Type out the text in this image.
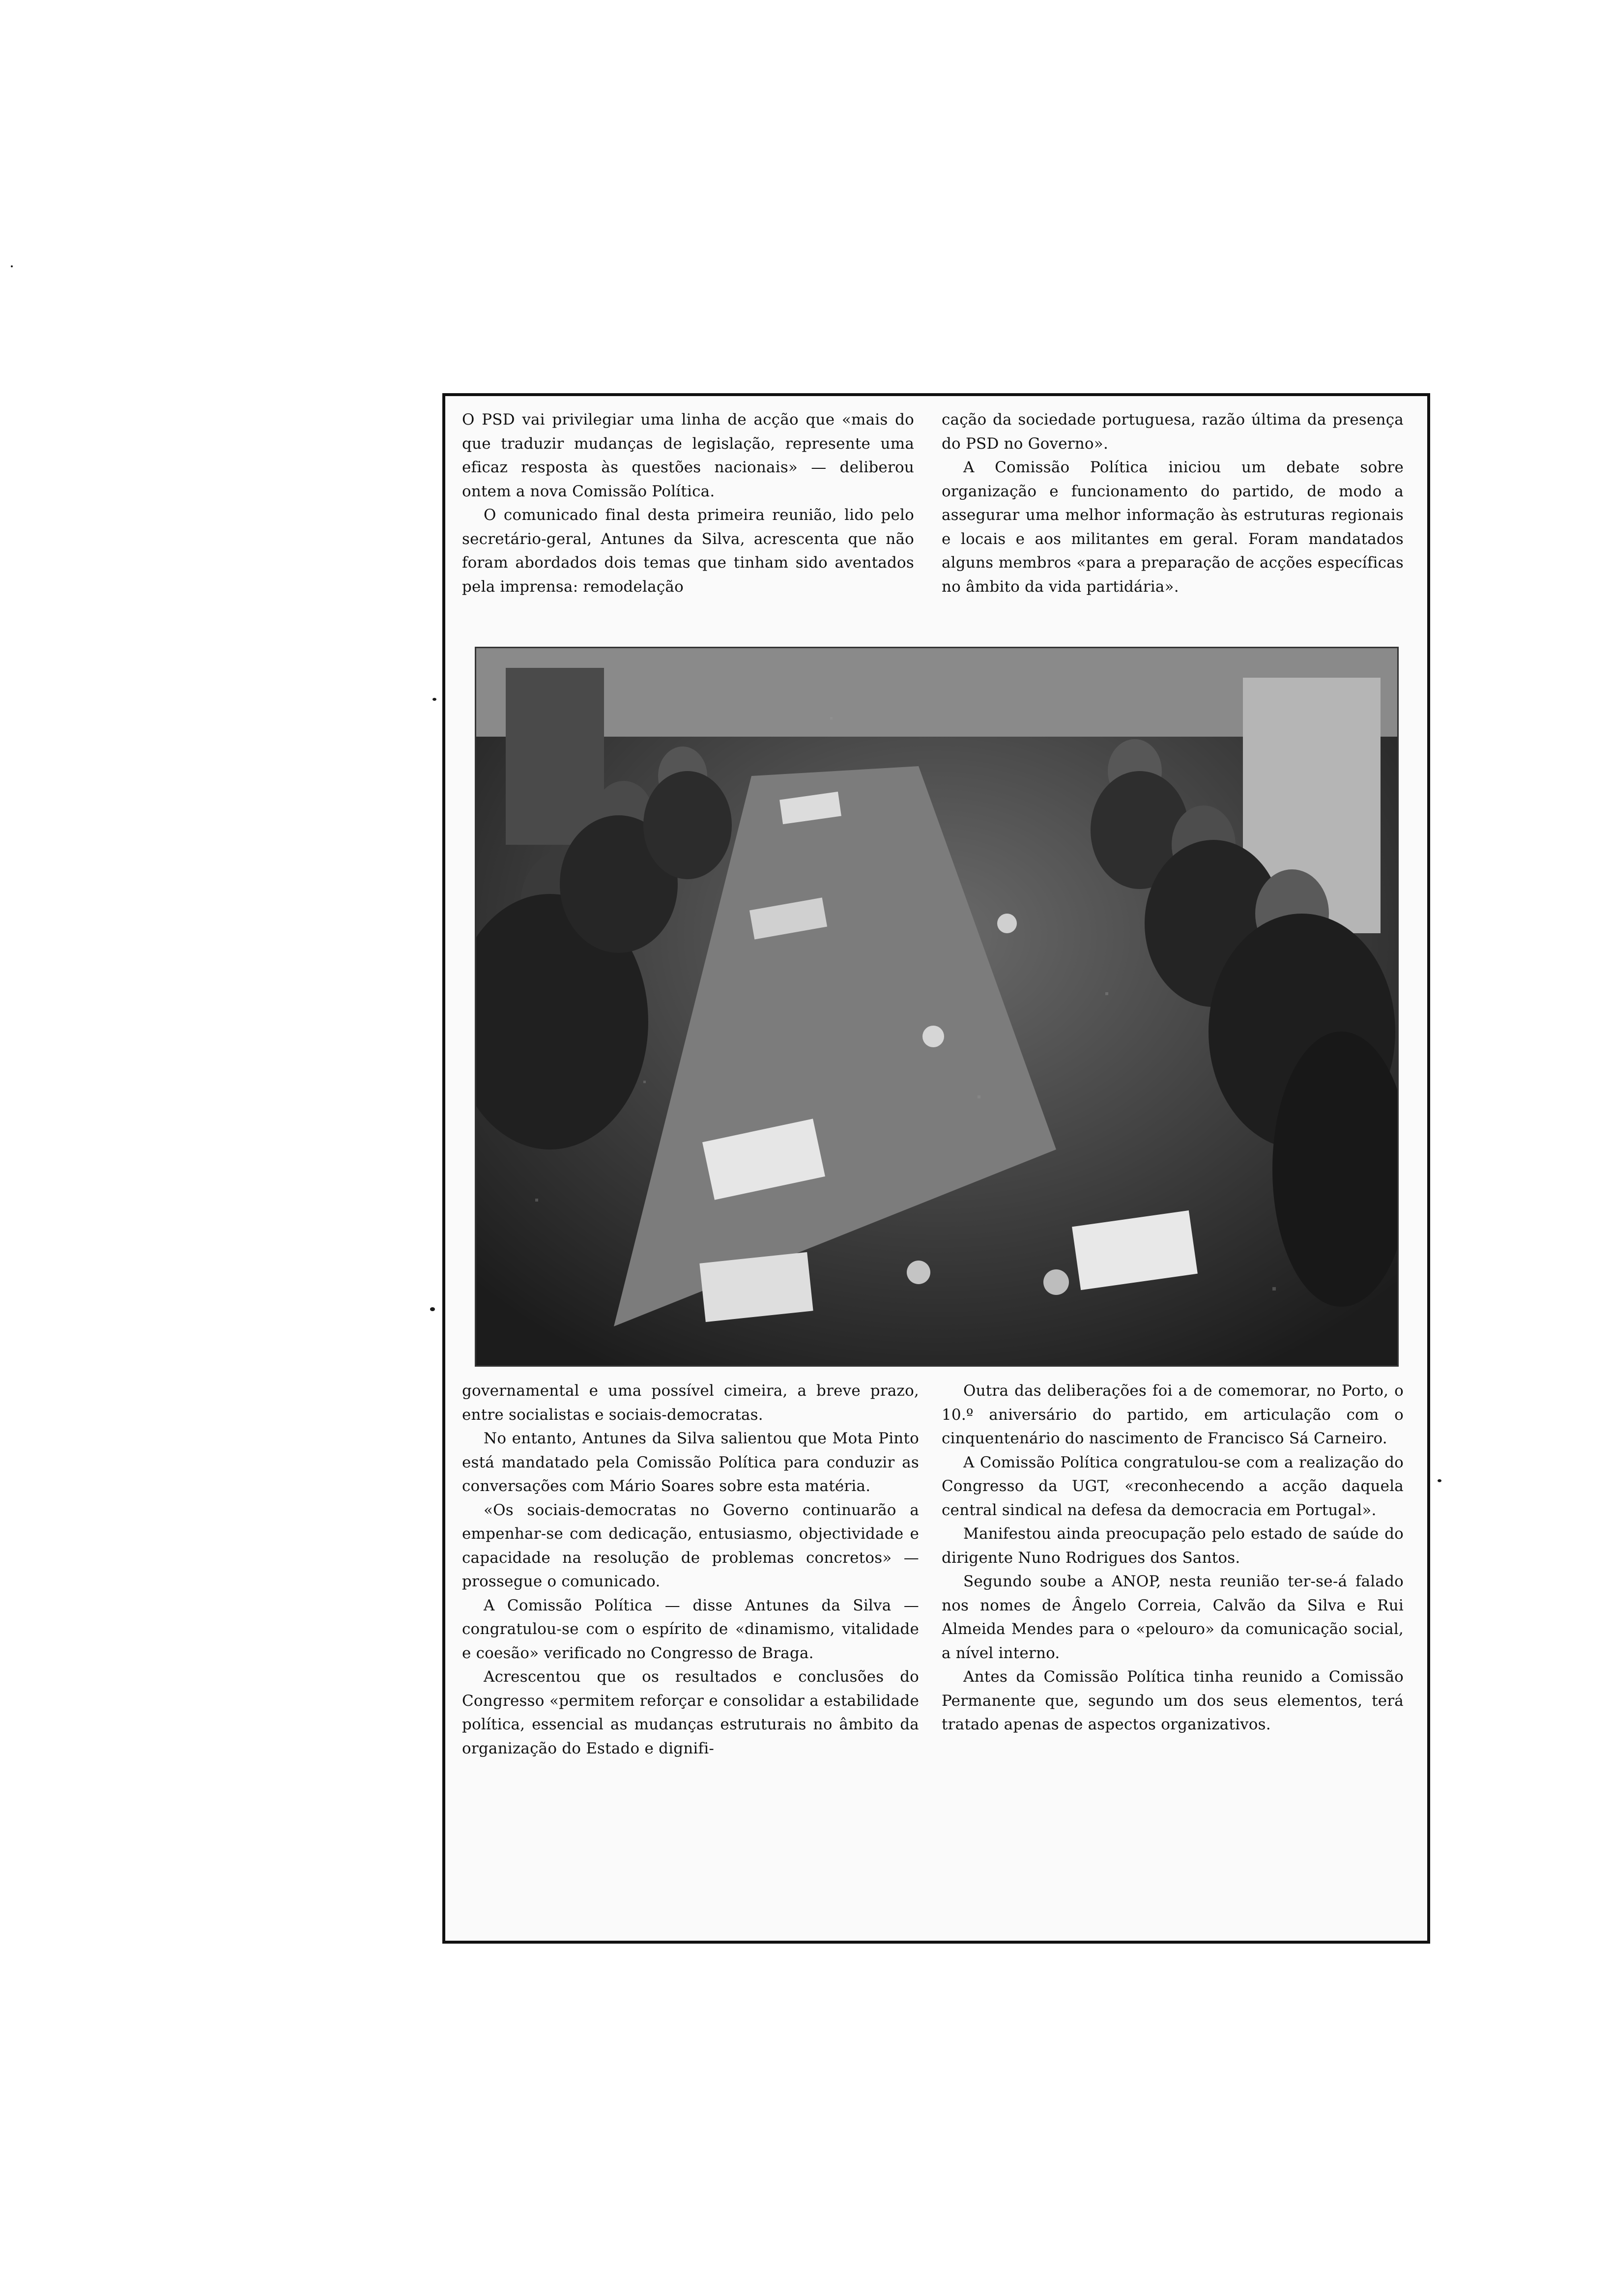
O PSD vai privilegiar uma linha de acção que «mais do que traduzir mudanças de legislação, represente uma eficaz resposta às questões nacionais» — deliberou ontem a nova Comissão Política.

O comunicado final desta primeira reunião, lido pelo secretário-geral, Antunes da Silva, acrescenta que não foram abordados dois temas que tinham sido aventados pela imprensa: remodelação

cação da sociedade portuguesa, razão última da presença do PSD no Governo».

A Comissão Política iniciou um debate sobre organização e funcionamento do partido, de modo a assegurar uma melhor informação às estruturas regionais e locais e aos militantes em geral. Foram mandatados alguns membros «para a preparação de acções específicas no âmbito da vida partidária».

governamental e uma possível cimeira, a breve prazo, entre socialistas e sociais-democratas.

No entanto, Antunes da Silva salientou que Mota Pinto está mandatado pela Comissão Política para conduzir as conversações com Mário Soares sobre esta matéria.

«Os sociais-democratas no Governo continuarão a empenhar-se com dedicação, entusiasmo, objectividade e capacidade na resolução de problemas concretos» — prossegue o comunicado.

A Comissão Política — disse Antunes da Silva — congratulou-se com o espírito de «dinamismo, vitalidade e coesão» verificado no Congresso de Braga.

Acrescentou que os resultados e conclusões do Congresso «permitem reforçar e consolidar a estabilidade política, essencial as mudanças estruturais no âmbito da organização do Estado e dignifi-

Outra das deliberações foi a de comemorar, no Porto, o 10.º aniversário do partido, em articulação com o cinquentenário do nascimento de Francisco Sá Carneiro.

A Comissão Política congratulou-se com a realização do Congresso da UGT, «reconhecendo a acção daquela central sindical na defesa da democracia em Portugal».

Manifestou ainda preocupação pelo estado de saúde do dirigente Nuno Rodrigues dos Santos.

Segundo soube a ANOP, nesta reunião ter-se-á falado nos nomes de Ângelo Correia, Calvão da Silva e Rui Almeida Mendes para o «pelouro» da comunicação social, a nível interno.

Antes da Comissão Política tinha reunido a Comissão Permanente que, segundo um dos seus elementos, terá tratado apenas de aspectos organizativos.
